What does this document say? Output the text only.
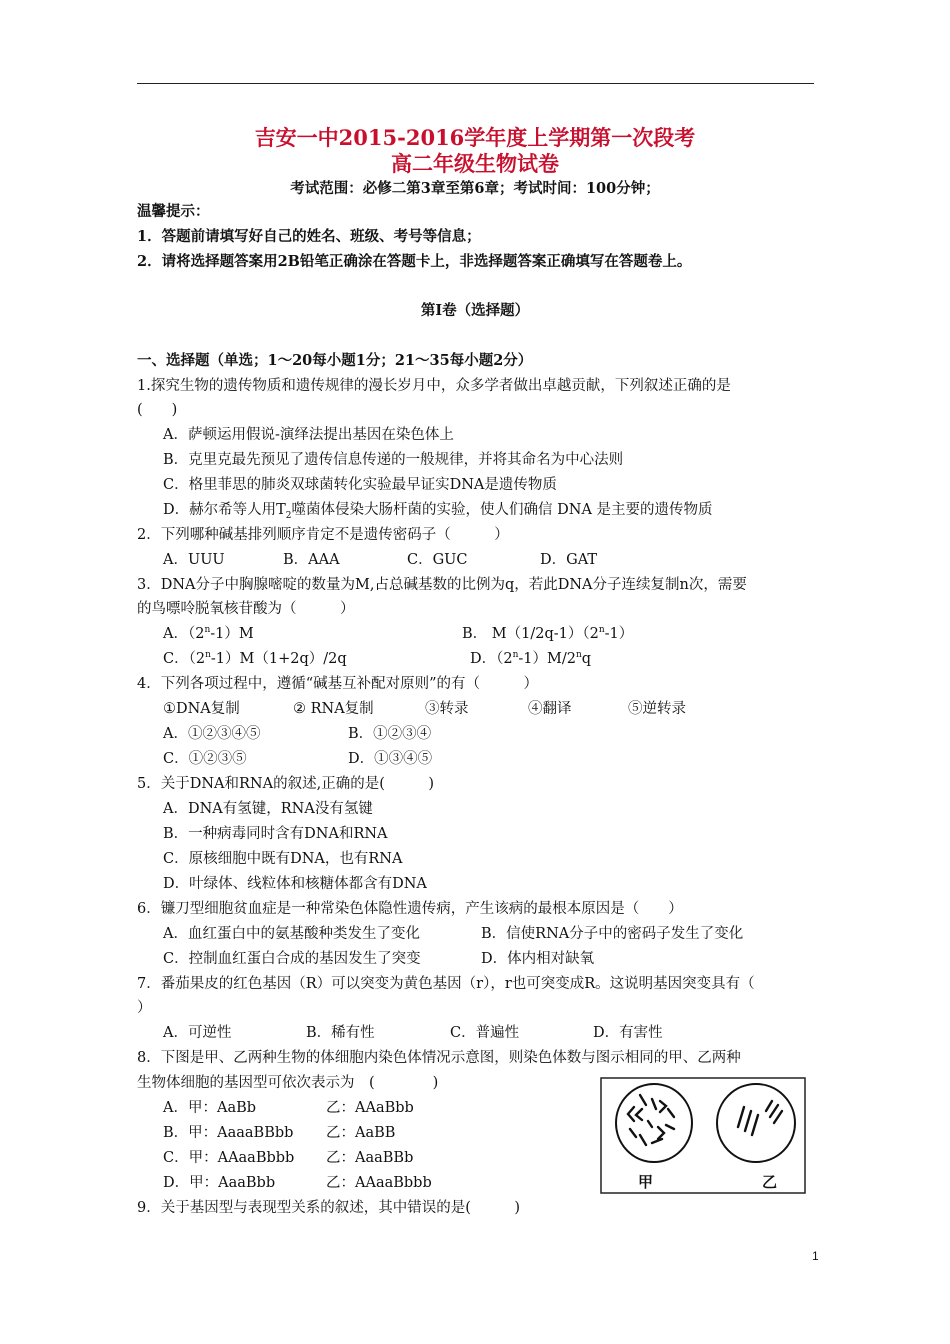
吉安一中2015-2016学年度上学期第一次段考
高二年级生物试卷
考试范围：必修二第3章至第6章；考试时间：100分钟；
温馨提示：
1．答题前请填写好自己的姓名、班级、考号等信息；
2．请将选择题答案用2B铅笔正确涂在答题卡上，非选择题答案正确填写在答题卷上。
第Ⅰ卷（选择题）
一、选择题（单选；1～20每小题1分；21～35每小题2分）
1.探究生物的遗传物质和遗传规律的漫长岁月中，众多学者做出卓越贡献，下列叙述正确的是
(　　)
A．萨顿运用假说-演绎法提出基因在染色体上
B．克里克最先预见了遗传信息传递的一般规律，并将其命名为中心法则
C．格里菲思的肺炎双球菌转化实验最早证实DNA是遗传物质
D．赫尔希等人用$T_2$噬菌体侵染大肠杆菌的实验，使人们确信 DNA 是主要的遗传物质
2．下列哪种碱基排列顺序肯定不是遗传密码子（　　　）
A．UUU	B．AAA	C．GUC	D．GAT
3．DNA分子中胸腺嘧啶的数量为M,占总碱基数的比例为q，若此DNA分子连续复制n次，需要
的鸟嘌呤脱氧核苷酸为（　　　）
A．（2$^n$-1）M	B． M（1/2q-1）（2$^n$-1）
C．$(2^n-1)M(1+2q)/2q$	D．（2$^n$-1）M/2$^n$q
4．下列各项过程中，遵循“碱基互补配对原则”的有（　　　）
①DNA复制	② RNA复制	③转录	④翻译	⑤逆转录
A．①②③④⑤	B．①②③④
C．①②③⑤	D．①③④⑤
5．关于DNA和RNA的叙述,正确的是(　　　)
A．DNA有氢键，RNA没有氢键
B．一种病毒同时含有DNA和RNA
C．原核细胞中既有DNA，也有RNA
D．叶绿体、线粒体和核糖体都含有DNA
6．镰刀型细胞贫血症是一种常染色体隐性遗传病，产生该病的最根本原因是（　　）
A．血红蛋白中的氨基酸种类发生了变化	B．信使RNA分子中的密码子发生了变化
C．控制血红蛋白合成的基因发生了突变	D．体内相对缺氧
7．番茄果皮的红色基因（R）可以突变为黄色基因（r），r也可突变成R。这说明基因突变具有（
）
A．可逆性	B．稀有性	C．普遍性	D．有害性
8．下图是甲、乙两种生物的体细胞内染色体情况示意图，则染色体数与图示相同的甲、乙两种
生物体细胞的基因型可依次表示为　(　　　　)
A．甲：AaBb	乙：AAaBbb
B．甲：AaaaBBbb 乙：AaBB
C．甲：AAaaBbbb 乙：AaaBBb
D．甲：AaaBbb	乙：AAaaBbbb	甲	乙
9．关于基因型与表现型关系的叙述，其中错误的是(　　　)
1
